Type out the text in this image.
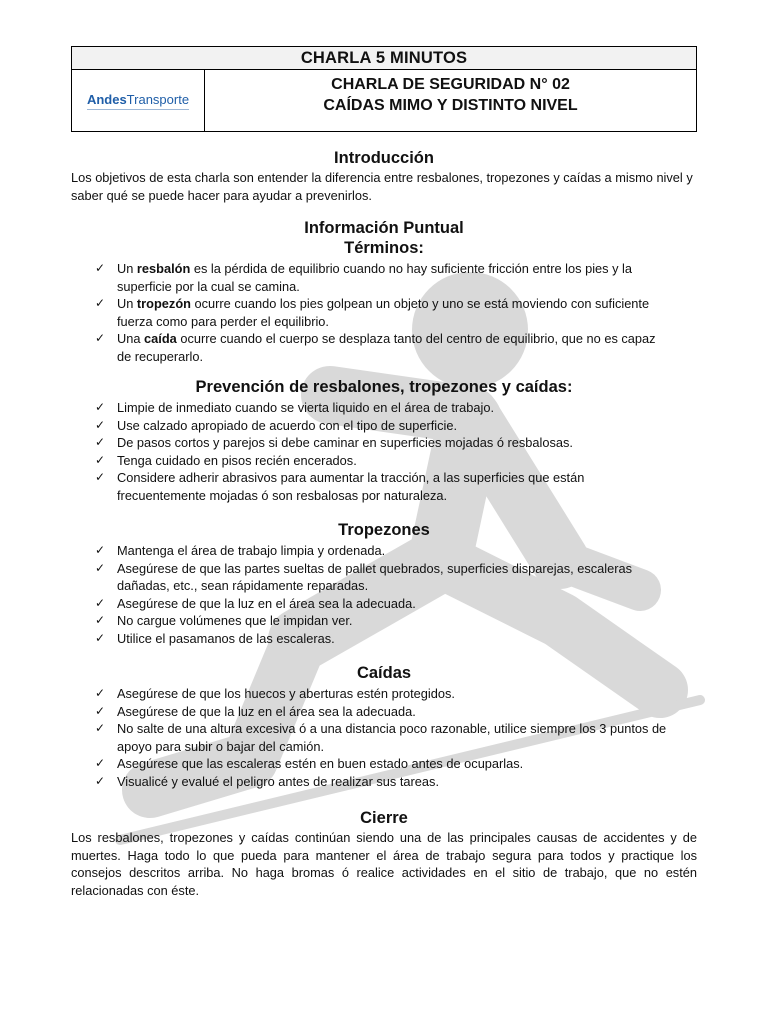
CHARLA 5 MINUTOS
AndesTransporte
CHARLA DE SEGURIDAD N° 02
CAÍDAS MIMO Y DISTINTO NIVEL
Introducción
Los objetivos de esta charla son entender la diferencia entre resbalones, tropezones y caídas a mismo nivel y saber qué se puede hacer para ayudar a prevenirlos.
Información Puntual
Términos:
✓ Un resbalón es la pérdida de equilibrio cuando no hay suficiente fricción entre los pies y la superficie por la cual se camina.
✓ Un tropezón ocurre cuando los pies golpean un objeto y uno se está moviendo con suficiente fuerza como para perder el equilibrio.
✓ Una caída ocurre cuando el cuerpo se desplaza tanto del centro de equilibrio, que no es capaz de recuperarlo.
Prevención de resbalones, tropezones y caídas:
✓ Limpie de inmediato cuando se vierta liquido en el área de trabajo.
✓ Use calzado apropiado de acuerdo con el tipo de superficie.
✓ De pasos cortos y parejos si debe caminar en superficies mojadas ó resbalosas.
✓ Tenga cuidado en pisos recién encerados.
✓ Considere adherir abrasivos para aumentar la tracción, a las superficies que están frecuentemente mojadas ó son resbalosas por naturaleza.
Tropezones
✓ Mantenga el área de trabajo limpia y ordenada.
✓ Asegúrese de que las partes sueltas de pallet quebrados, superficies disparejas, escaleras dañadas, etc., sean rápidamente reparadas.
✓ Asegúrese de que la luz en el área sea la adecuada.
✓ No cargue volúmenes que le impidan ver.
✓ Utilice el pasamanos de las escaleras.
Caídas
✓ Asegúrese de que los huecos y aberturas estén protegidos.
✓ Asegúrese de que la luz en el área sea la adecuada.
✓ No salte de una altura excesiva ó a una distancia poco razonable, utilice siempre los 3 puntos de apoyo para subir o bajar del camión.
✓ Asegúrese que las escaleras estén en buen estado antes de ocuparlas.
✓ Visualicé y evalué el peligro antes de realizar sus tareas.
Cierre
Los resbalones, tropezones y caídas continúan siendo una de las principales causas de accidentes y de muertes. Haga todo lo que pueda para mantener el área de trabajo segura para todos y practique los consejos descritos arriba. No haga bromas ó realice actividades en el sitio de trabajo, que no estén relacionadas con éste.
